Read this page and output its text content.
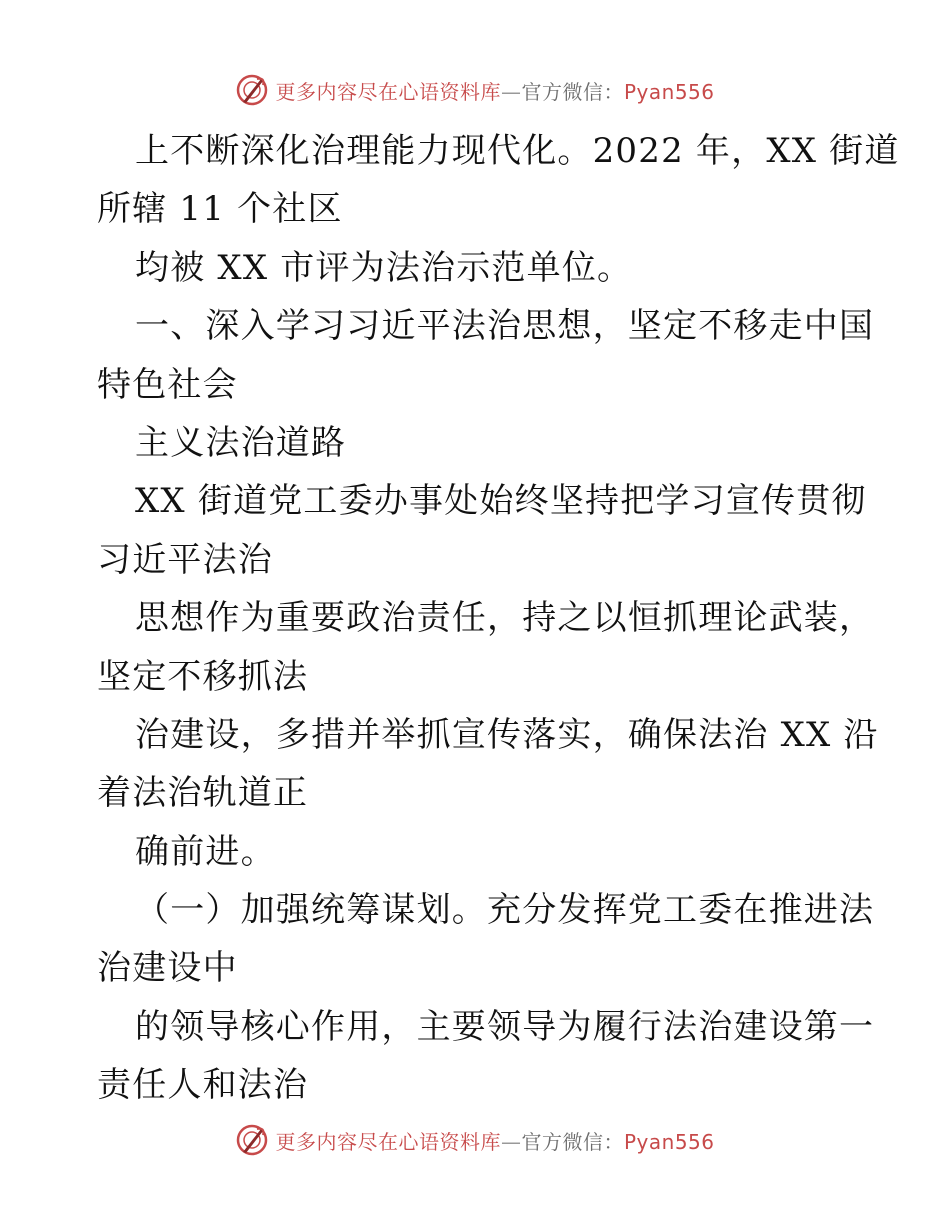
更多内容尽在心语资料库—官方微信：Pyan556
上不断深化治理能力现代化。2022 年，XX 街道
所辖 11 个社区
均被 XX 市评为法治示范单位。
一、深入学习习近平法治思想，坚定不移走中国
特色社会
主义法治道路
XX 街道党工委办事处始终坚持把学习宣传贯彻
习近平法治
思想作为重要政治责任，持之以恒抓理论武装，
坚定不移抓法
治建设，多措并举抓宣传落实，确保法治 XX 沿
着法治轨道正
确前进。
（一）加强统筹谋划。充分发挥党工委在推进法
治建设中
的领导核心作用，主要领导为履行法治建设第一
责任人和法治
更多内容尽在心语资料库—官方微信：Pyan556
